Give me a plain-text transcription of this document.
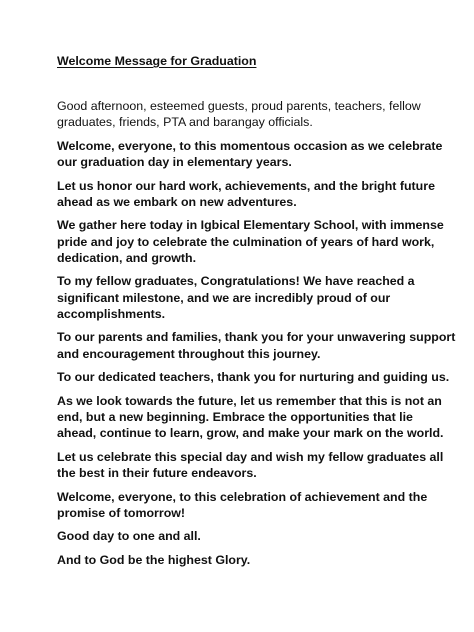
Welcome Message for Graduation

Good afternoon, esteemed guests, proud parents, teachers, fellow
graduates, friends, PTA and barangay officials.

Welcome, everyone, to this momentous occasion as we celebrate
our graduation day in elementary years.

Let us honor our hard work, achievements, and the bright future
ahead as we embark on new adventures.

We gather here today in Igbical Elementary School, with immense
pride and joy to celebrate the culmination of years of hard work,
dedication, and growth.

To my fellow graduates, Congratulations! We have reached a
significant milestone, and we are incredibly proud of our
accomplishments.

To our parents and families, thank you for your unwavering support
and encouragement throughout this journey.

To our dedicated teachers, thank you for nurturing and guiding us.

As we look towards the future, let us remember that this is not an
end, but a new beginning. Embrace the opportunities that lie
ahead, continue to learn, grow, and make your mark on the world.

Let us celebrate this special day and wish my fellow graduates all
the best in their future endeavors.

Welcome, everyone, to this celebration of achievement and the
promise of tomorrow!

Good day to one and all.

And to God be the highest Glory.
